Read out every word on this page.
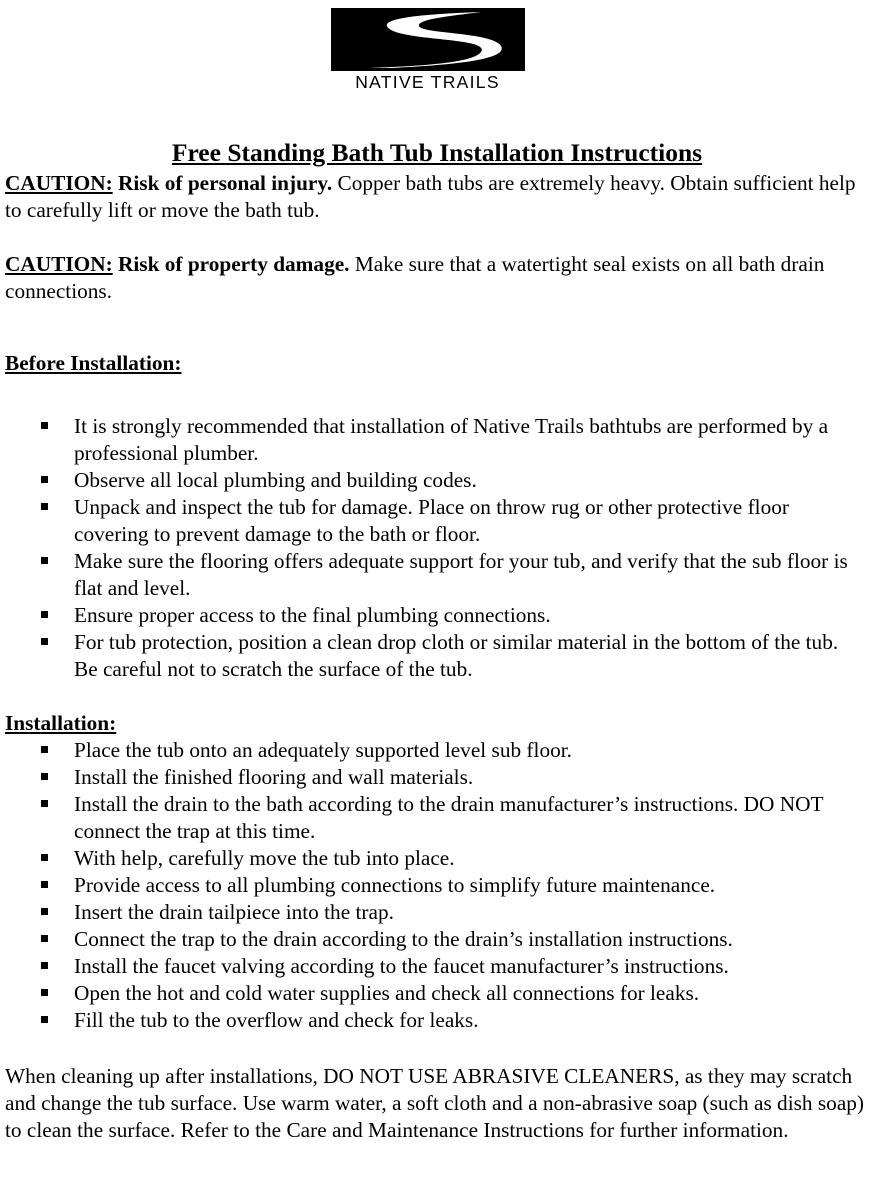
NATIVE TRAILS
Free Standing Bath Tub Installation Instructions

CAUTION: Risk of personal injury. Copper bath tubs are extremely heavy. Obtain sufficient help to carefully lift or move the bath tub.

CAUTION: Risk of property damage. Make sure that a watertight seal exists on all bath drain connections.

Before Installation:

It is strongly recommended that installation of Native Trails bathtubs are performed by a professional plumber.
Observe all local plumbing and building codes.
Unpack and inspect the tub for damage. Place on throw rug or other protective floor covering to prevent damage to the bath or floor.
Make sure the flooring offers adequate support for your tub, and verify that the sub floor is flat and level.
Ensure proper access to the final plumbing connections.
For tub protection, position a clean drop cloth or similar material in the bottom of the tub. Be careful not to scratch the surface of the tub.

Installation:

Place the tub onto an adequately supported level sub floor.
Install the finished flooring and wall materials.
Install the drain to the bath according to the drain manufacturer’s instructions. DO NOT connect the trap at this time.
With help, carefully move the tub into place.
Provide access to all plumbing connections to simplify future maintenance.
Insert the drain tailpiece into the trap.
Connect the trap to the drain according to the drain’s installation instructions.
Install the faucet valving according to the faucet manufacturer’s instructions.
Open the hot and cold water supplies and check all connections for leaks.
Fill the tub to the overflow and check for leaks.

When cleaning up after installations, DO NOT USE ABRASIVE CLEANERS, as they may scratch and change the tub surface. Use warm water, a soft cloth and a non-abrasive soap (such as dish soap) to clean the surface. Refer to the Care and Maintenance Instructions for further information.
